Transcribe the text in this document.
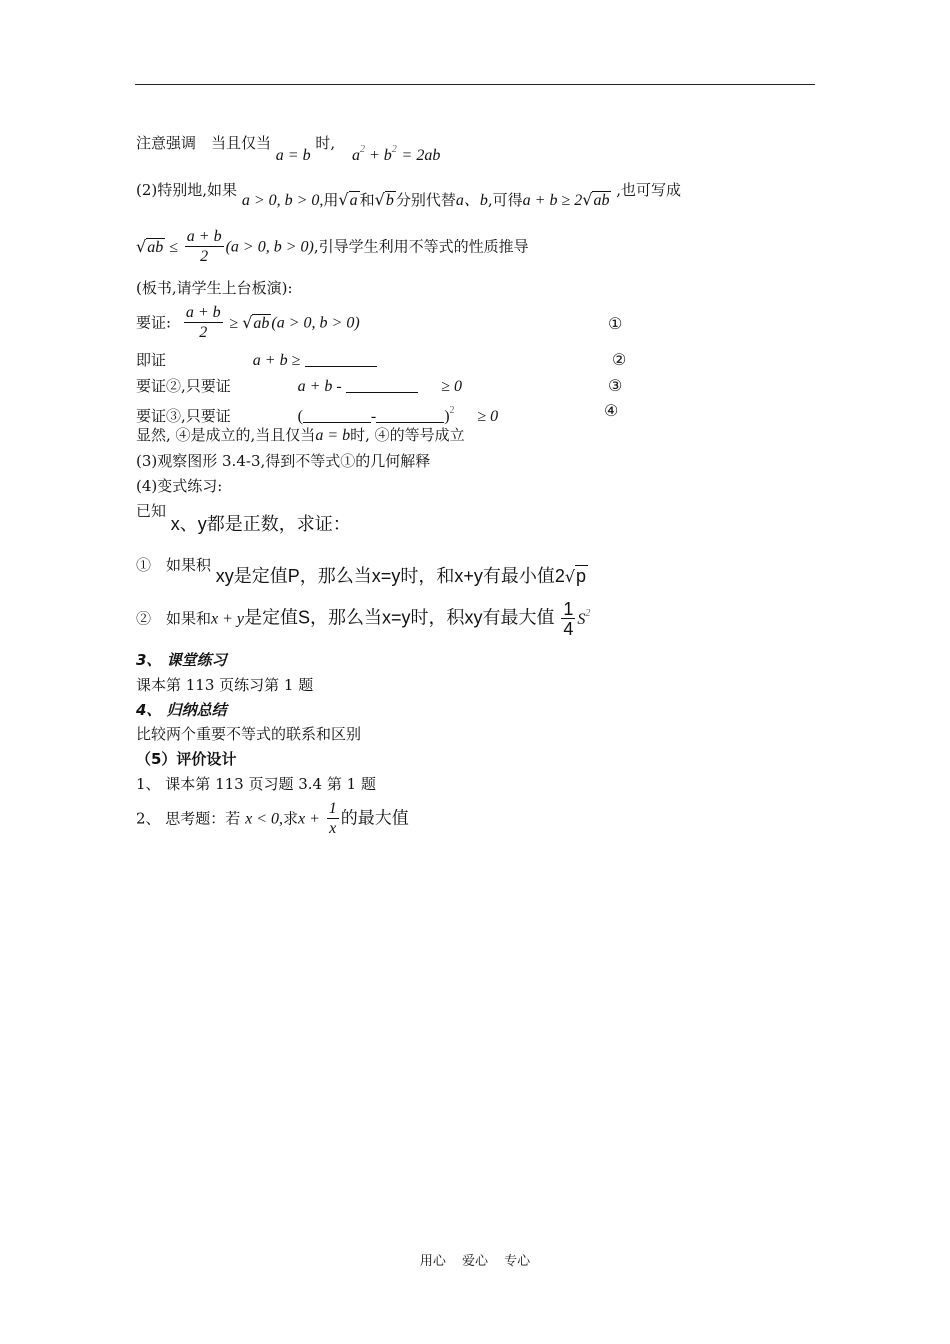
注意强调　当且仅当 a = b 时, $a^2 + b^2 = 2ab$
(2)特别地,如果 a > 0, b > 0,用√a 和√b 分别代替a、b,可得a + b ≥ 2√ab ,也可写成
$√ab \le \frac{a + b}{2} (a > 0$, b > 0),引导学生利用不等式的性质推导
(板书,请学生上台板演):
要证: $\frac{a + b}{2} \ge √ab$ (a > 0, b > 0)	①
即证	a + b ≥	②
要证②,只要证	a + b -	≥ 0	③
要证③,只要证	(	-	)$^2$ ≥ 0	④
显然, ④是成立的,当且仅当a = b时, ④的等号成立
(3)观察图形 3.4-3,得到不等式①的几何解释
(4)变式练习:
已知 x、y都是正数，求证：
①　如果积 xy是定值P，那么当x=y时，和x+y有最小值2√p
②　如果和x + y是定值S，那么当x=y时，积xy有最大值 $\frac{1}{4} S^2$
3、 课堂练习
课本第 113 页练习第 1 题
4、 归纳总结
比较两个重要不等式的联系和区别
（5）评价设计
1、 课本第 113 页习题 3.4 第 1 题
2、 思考题：若 x < 0,求$x + \frac{1}{x}$ 的最大值
用心 爱心 专心
